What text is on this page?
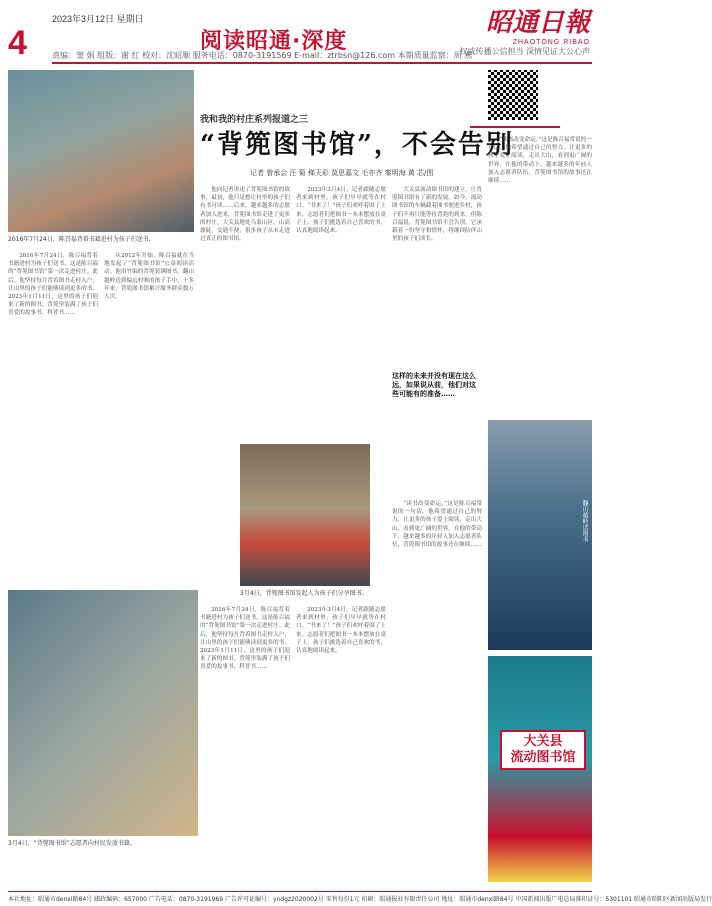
4
2023年3月12日 星期日
阅读昭通·深度
昭通日報
ZHAOTONG RIBAO
权威传播公信担当 深情见证大公心声
责编：窦 娟 组版：谢 红 校对：沈昭顺 服务电话：0870-3191569 E-mail：ztrbsn@126.com 本期质量监察：周 燕
2016年7月24日，陈召福背着书籍进村为孩子们送书。
我和我的村庄系列报道之三
“背篼图书馆”，不会告别
记者 曾承会 汪 菊 梯天彩 莫思嘉文 毛亦齐 秦明海 黄 芯/图

2016年7月24日，陈召福背着书籍进村为孩子们送书。这是陈召福的“背篼图书馆”第一次走进村庄。此后，他坚持每月背着图书走村入户，让山里的孩子们能够读到更多的书。2023年1月11日，这里的孩子们迎来了新的图书。背篼里装满了孩子们喜爱的故事书、科普书……

从2012年开始，陈召福就在当地发起了“背篼图书馆”公益阅读活动。他用竹编的背篼装满图书，翻山越岭送到偏远村寨的孩子手中。十多年来，背篼图书馆累计服务群众数万人次。

他向记者讲述了背篼图书馆的故事。最初，他只是想让村里的孩子们有书可读……后来，越来越多的志愿者加入进来，背篼图书馆走进了更多的村庄。大关县地处乌蒙山区，山高坡陡，交通不便，很多孩子从未走进过真正的图书馆。

2023年3月4日，记者跟随志愿者来到村里，孩子们早早就等在村口。“书来了！”孩子们欢呼着围了上来。志愿者们把图书一本本摆放在桌子上，孩子们挑选着自己喜欢的书，认真地阅读起来。

大关县流动图书馆的建立，让背篼图书馆有了新的发展。如今，流动图书馆的车辆载着图书驶进乡村，孩子们不再只能等待背篼的到来。但陈召福说，背篼图书馆不会告别，它承载着一份坚守和情怀，将继续陪伴山里的孩子们成长。

“读书改变命运。”这是陈召福常说的一句话。他希望通过自己的努力，让更多的孩子爱上阅读，走出大山，看到更广阔的世界。在他的带动下，越来越多的年轻人加入志愿者队伍，背篼图书馆的故事还在继续……

这样的未来并没有现在这么远，如果说从前，他们对这些可能有的准备……
3月4日，背篼图书馆发起人为孩子们分享图书。
3月4日，“背篼图书馆”志愿者向村民发放书籍。

2016年7月24日，陈召福背着书籍进村为孩子们送书。这是陈召福的“背篼图书馆”第一次走进村庄。此后，他坚持每月背着图书走村入户，让山里的孩子们能够读到更多的书。2023年1月11日，这里的孩子们迎来了新的图书。背篼里装满了孩子们喜爱的故事书、科普书……

2023年3月4日，记者跟随志愿者来到村里，孩子们早早就等在村口。“书来了！”孩子们欢呼着围了上来。志愿者们把图书一本本摆放在桌子上，孩子们挑选着自己喜欢的书，认真地阅读起来。

“读书改变命运。”这是陈召福常说的一句话。他希望通过自己的努力，让更多的孩子爱上阅读，走出大山，看到更广阔的世界。在他的带动下，越来越多的年轻人加入志愿者队伍，背篼图书馆的故事还在继续……

翻山越岭送图书
大关县
流动图书馆
本社地址：昭通市denxi路84号 邮政编码：657000 广告电话：0870-3191969 广告许可证编号：yndgz2020002号 零售每份1元 印刷：昭通报业有限责任公司 地址：昭通市denxi路84号 中国新闻出版广电总局准印证号：5301101 昭通市昭阳区新闻出版局发行
